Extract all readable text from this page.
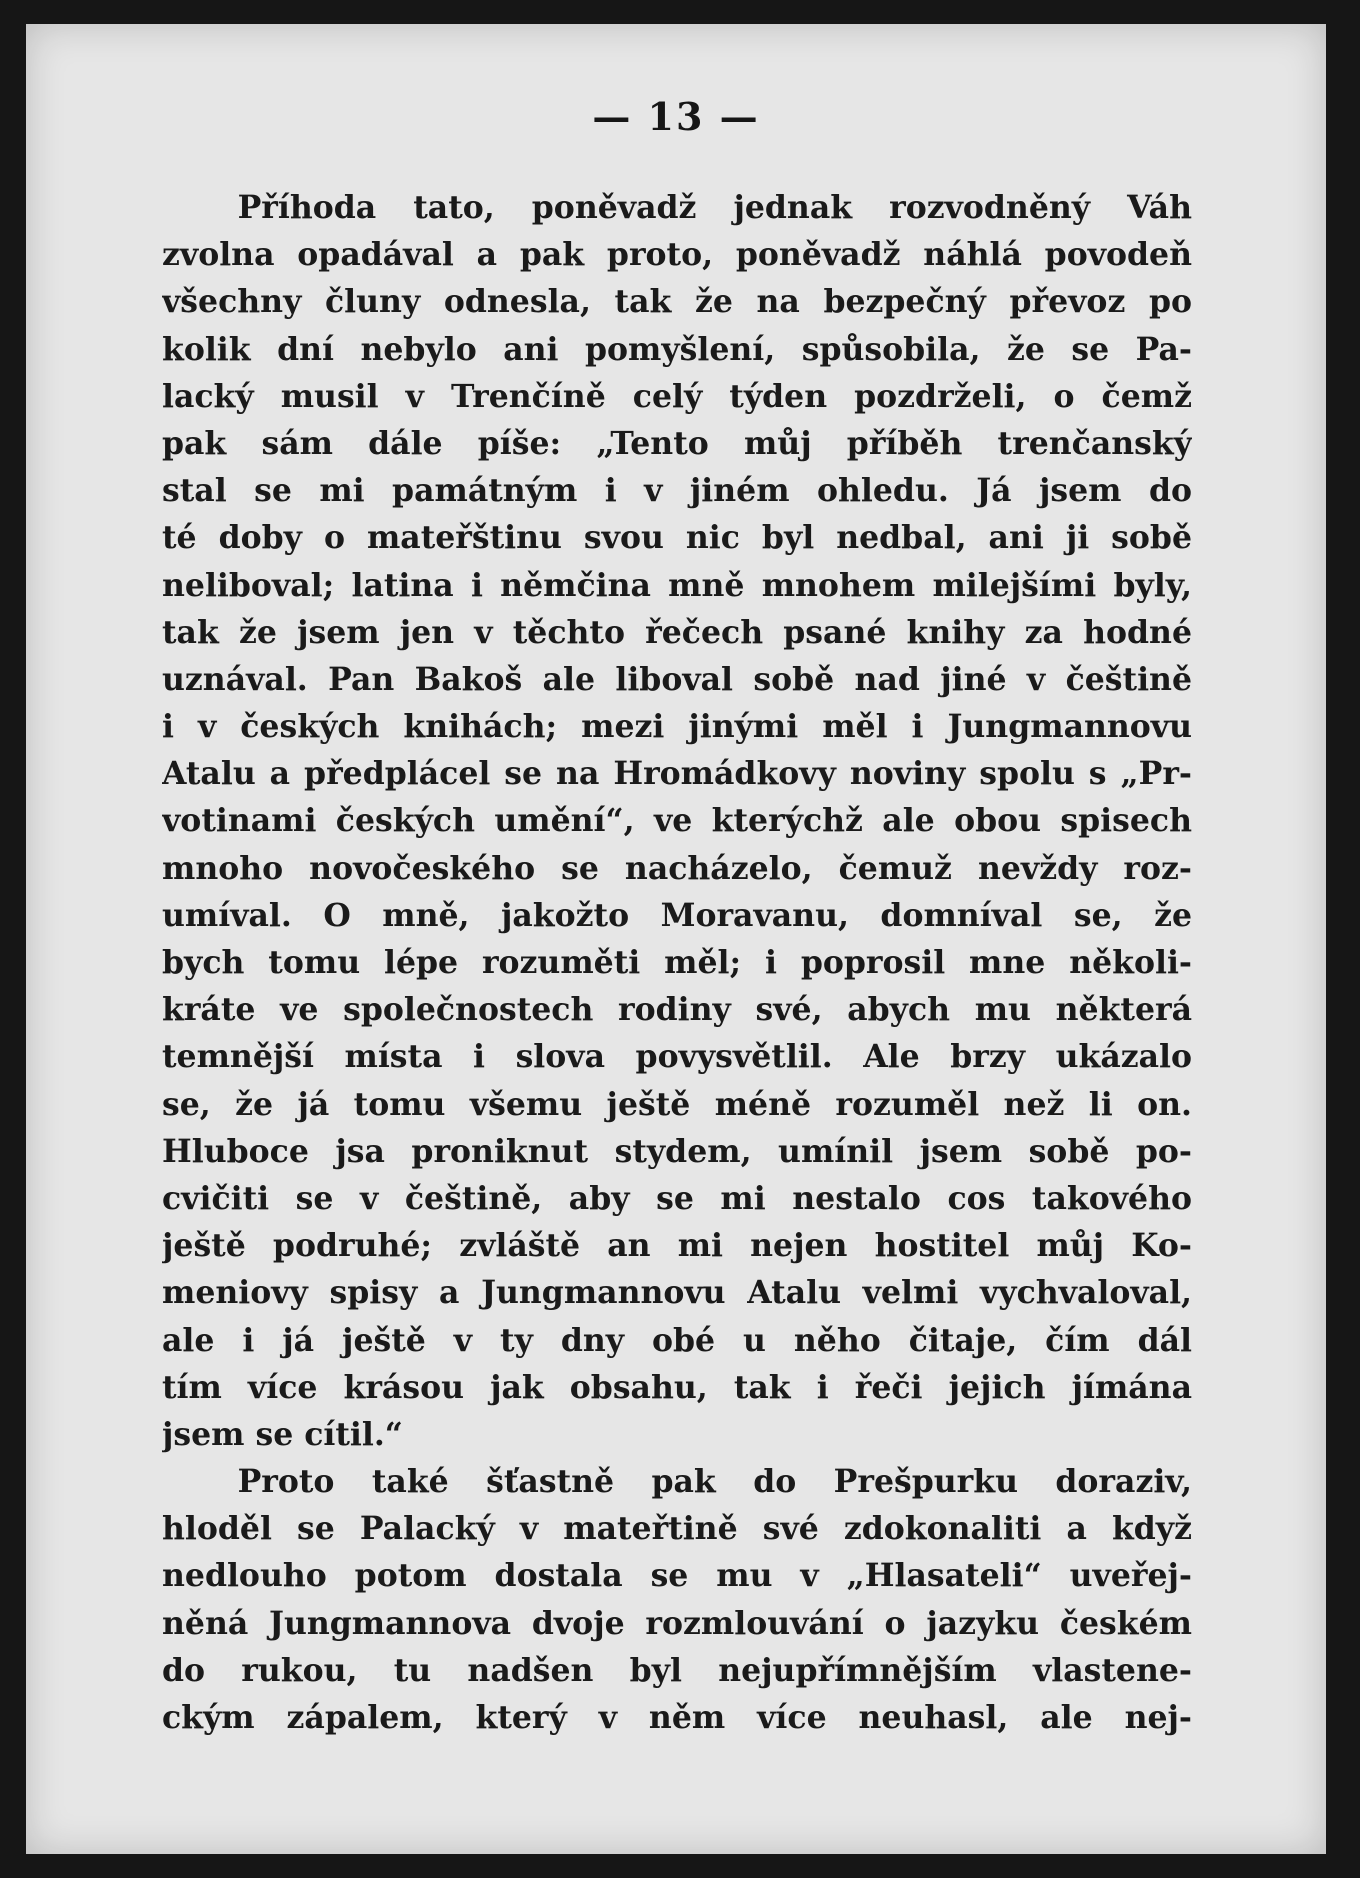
— 13 —
Příhoda tato, poněvadž jednak rozvodněný Váh
zvolna opadával a pak proto, poněvadž náhlá povodeň
všechny čluny odnesla, tak že na bezpečný převoz po
kolik dní nebylo ani pomyšlení, spůsobila, že se Pa-
lacký musil v Trenčíně celý týden pozdrželi, o čemž
pak sám dále píše: „Tento můj příběh trenčanský
stal se mi památným i v jiném ohledu. Já jsem do
té doby o mateřštinu svou nic byl nedbal, ani ji sobě
neliboval; latina i němčina mně mnohem milejšími byly,
tak že jsem jen v těchto řečech psané knihy za hodné
uznával. Pan Bakoš ale liboval sobě nad jiné v češtině
i v českých knihách; mezi jinými měl i Jungmannovu
Atalu a předplácel se na Hromádkovy noviny spolu s „Pr-
votinami českých umění“, ve kterýchž ale obou spisech
mnoho novočeského se nacházelo, čemuž nevždy roz-
umíval. O mně, jakožto Moravanu, domníval se, že
bych tomu lépe rozuměti měl; i poprosil mne několi-
kráte ve společnostech rodiny své, abych mu některá
temnější místa i slova povysvětlil. Ale brzy ukázalo
se, že já tomu všemu ještě méně rozuměl než li on.
Hluboce jsa proniknut stydem, umínil jsem sobě po-
cvičiti se v češtině, aby se mi nestalo cos takového
ještě podruhé; zvláště an mi nejen hostitel můj Ko-
meniovy spisy a Jungmannovu Atalu velmi vychvaloval,
ale i já ještě v ty dny obé u něho čitaje, čím dál
tím více krásou jak obsahu, tak i řeči jejich jímána
jsem se cítil.“
Proto také šťastně pak do Prešpurku doraziv,
hloděl se Palacký v mateřtině své zdokonaliti a když
nedlouho potom dostala se mu v „Hlasateli“ uveřej-
něná Jungmannova dvoje rozmlouvání o jazyku českém
do rukou, tu nadšen byl nejupřímnějším vlastene-
ckým zápalem, který v něm více neuhasl, ale nej-
